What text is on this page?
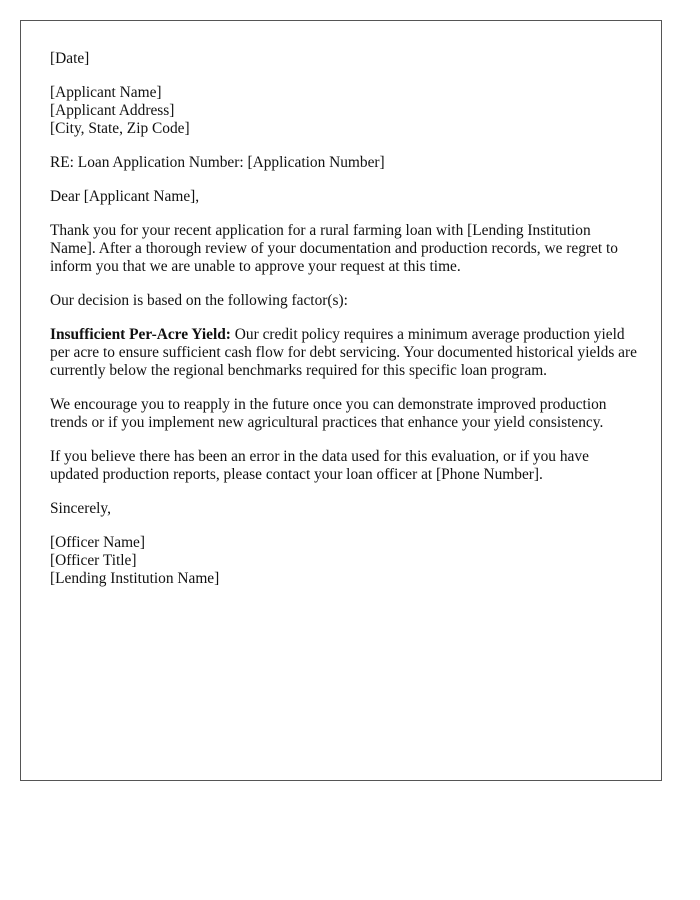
[Date]

[Applicant Name]
[Applicant Address]
[City, State, Zip Code]

RE: Loan Application Number: [Application Number]

Dear [Applicant Name],

Thank you for your recent application for a rural farming loan with [Lending Institution Name]. After a thorough review of your documentation and production records, we regret to inform you that we are unable to approve your request at this time.

Our decision is based on the following factor(s):

Insufficient Per-Acre Yield: Our credit policy requires a minimum average production yield per acre to ensure sufficient cash flow for debt servicing. Your documented historical yields are currently below the regional benchmarks required for this specific loan program.

We encourage you to reapply in the future once you can demonstrate improved production trends or if you implement new agricultural practices that enhance your yield consistency.

If you believe there has been an error in the data used for this evaluation, or if you have updated production reports, please contact your loan officer at [Phone Number].

Sincerely,

[Officer Name]
[Officer Title]
[Lending Institution Name]
